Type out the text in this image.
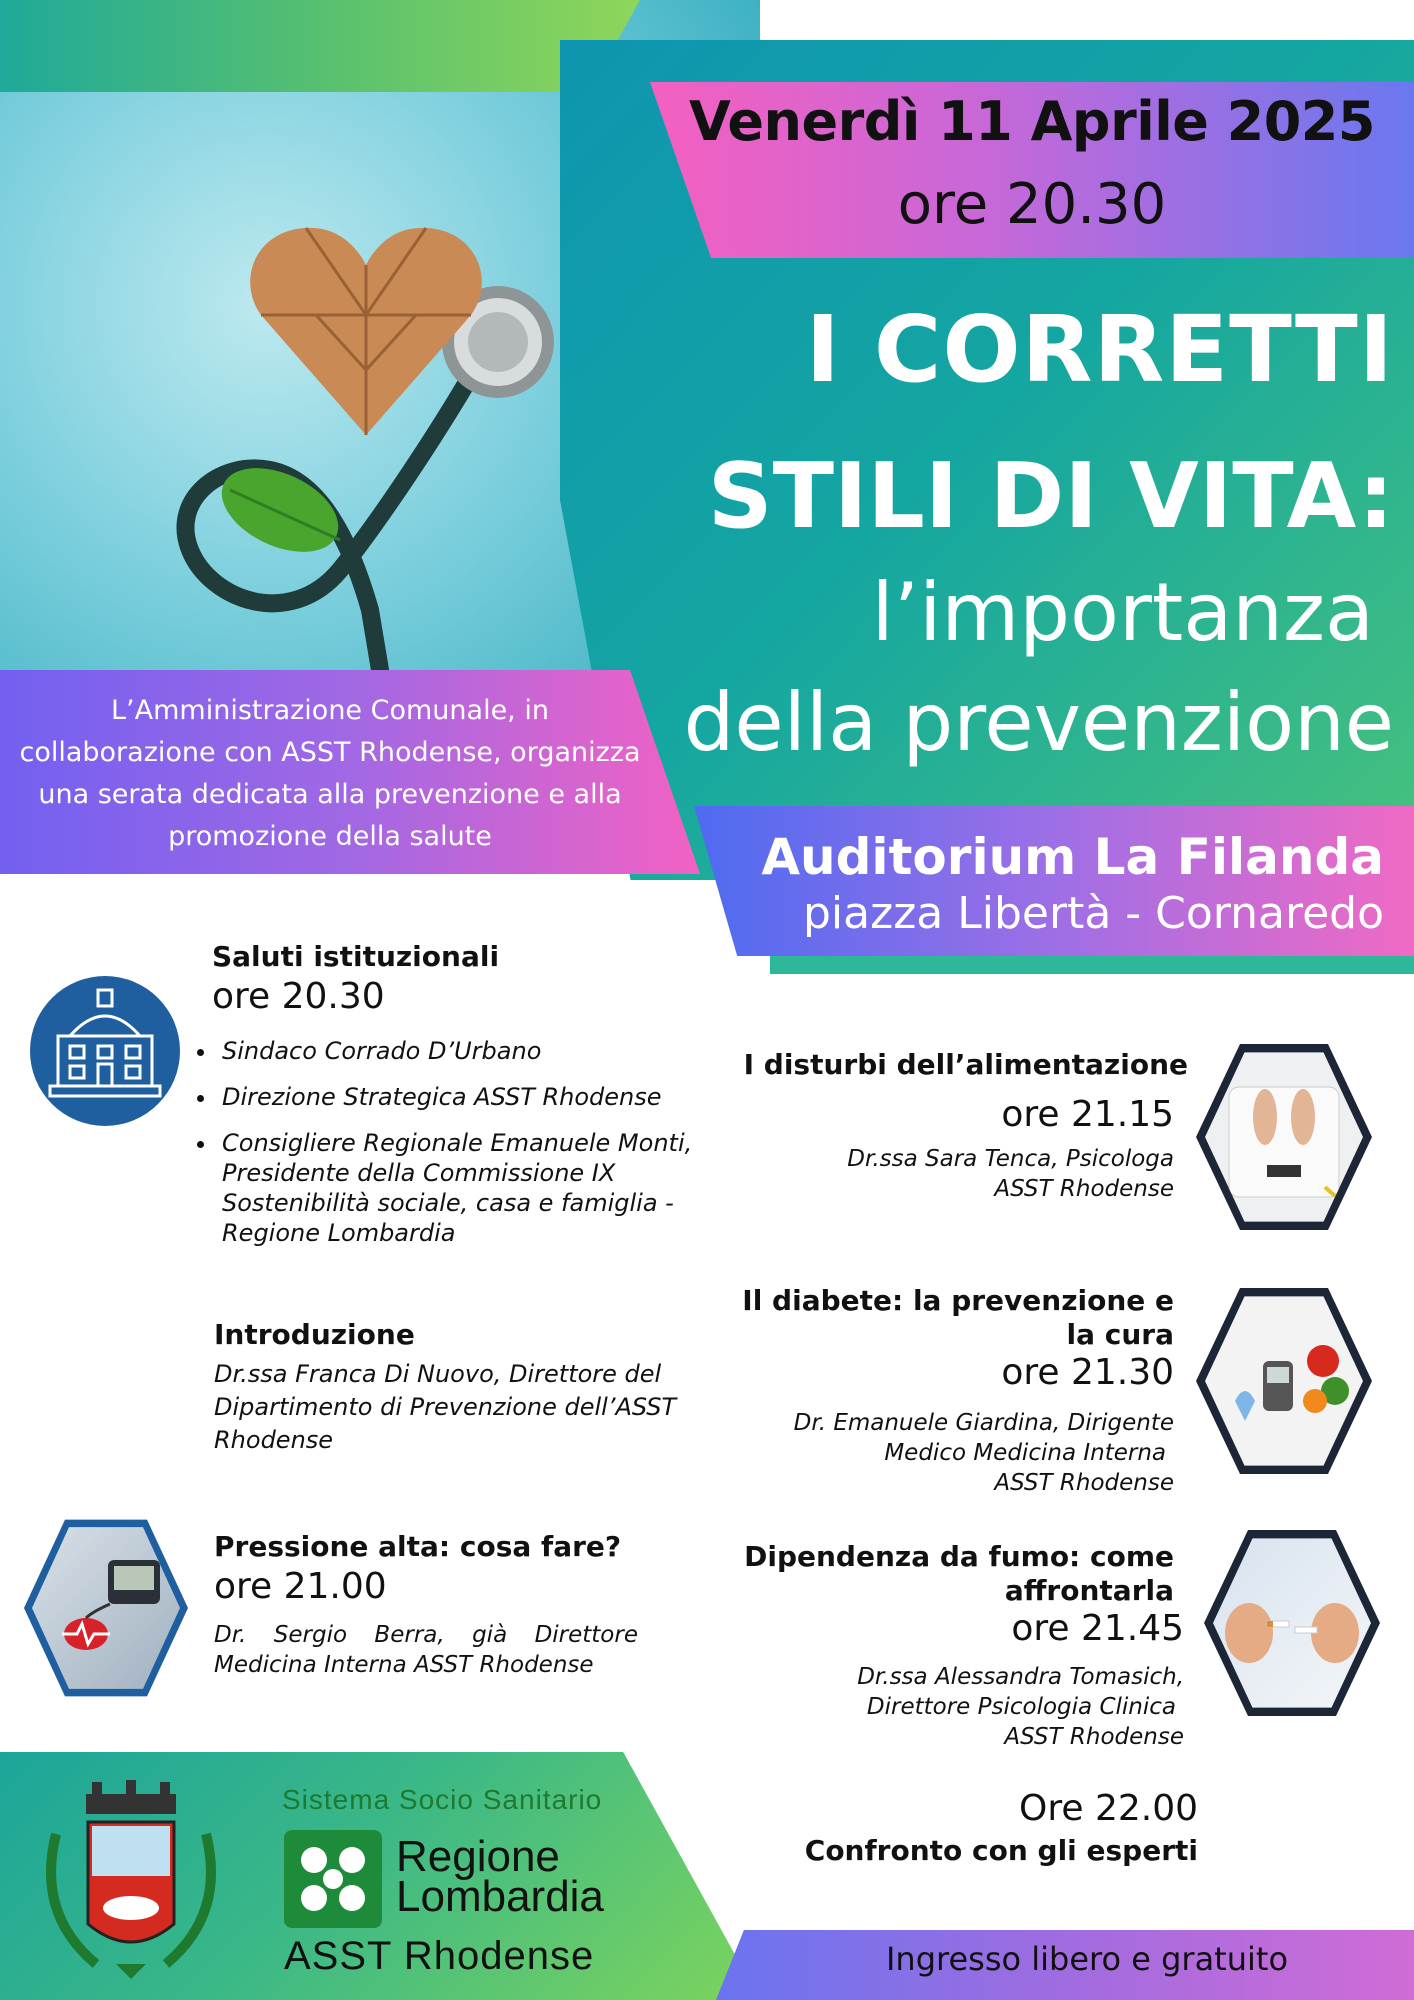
Venerdì 11 Aprile 2025
ore 20.30
I CORRETTI
STILI DI VITA:
l’importanza
della prevenzione
Auditorium La Filanda
piazza Libertà - Cornaredo
L’Amministrazione Comunale, in collaborazione con ASST Rhodense, organizza una serata dedicata alla prevenzione e alla promozione della salute
Saluti istituzionali
ore 20.30
• Sindaco Corrado D’Urbano
• Direzione Strategica ASST Rhodense
• Consigliere Regionale Emanuele Monti, Presidente della Commissione IX Sostenibilità sociale, casa e famiglia - Regione Lombardia
Introduzione
Dr.ssa Franca Di Nuovo, Direttore del Dipartimento di Prevenzione dell’ASST Rhodense
Pressione alta: cosa fare?
ore 21.00
Dr. Sergio Berra, già Direttore Medicina Interna ASST Rhodense
I disturbi dell’alimentazione
ore 21.15
Dr.ssa Sara Tenca, Psicologa
ASST Rhodense
Il diabete: la prevenzione e
la cura
ore 21.30
Dr. Emanuele Giardina, Dirigente
Medico Medicina Interna
ASST Rhodense
Dipendenza da fumo: come
affrontarla
ore 21.45
Dr.ssa Alessandra Tomasich,
Direttore Psicologia Clinica
ASST Rhodense
Ore 22.00
Confronto con gli esperti
Sistema Socio Sanitario
Regione
Lombardia
ASST Rhodense	Ingresso libero e gratuito
